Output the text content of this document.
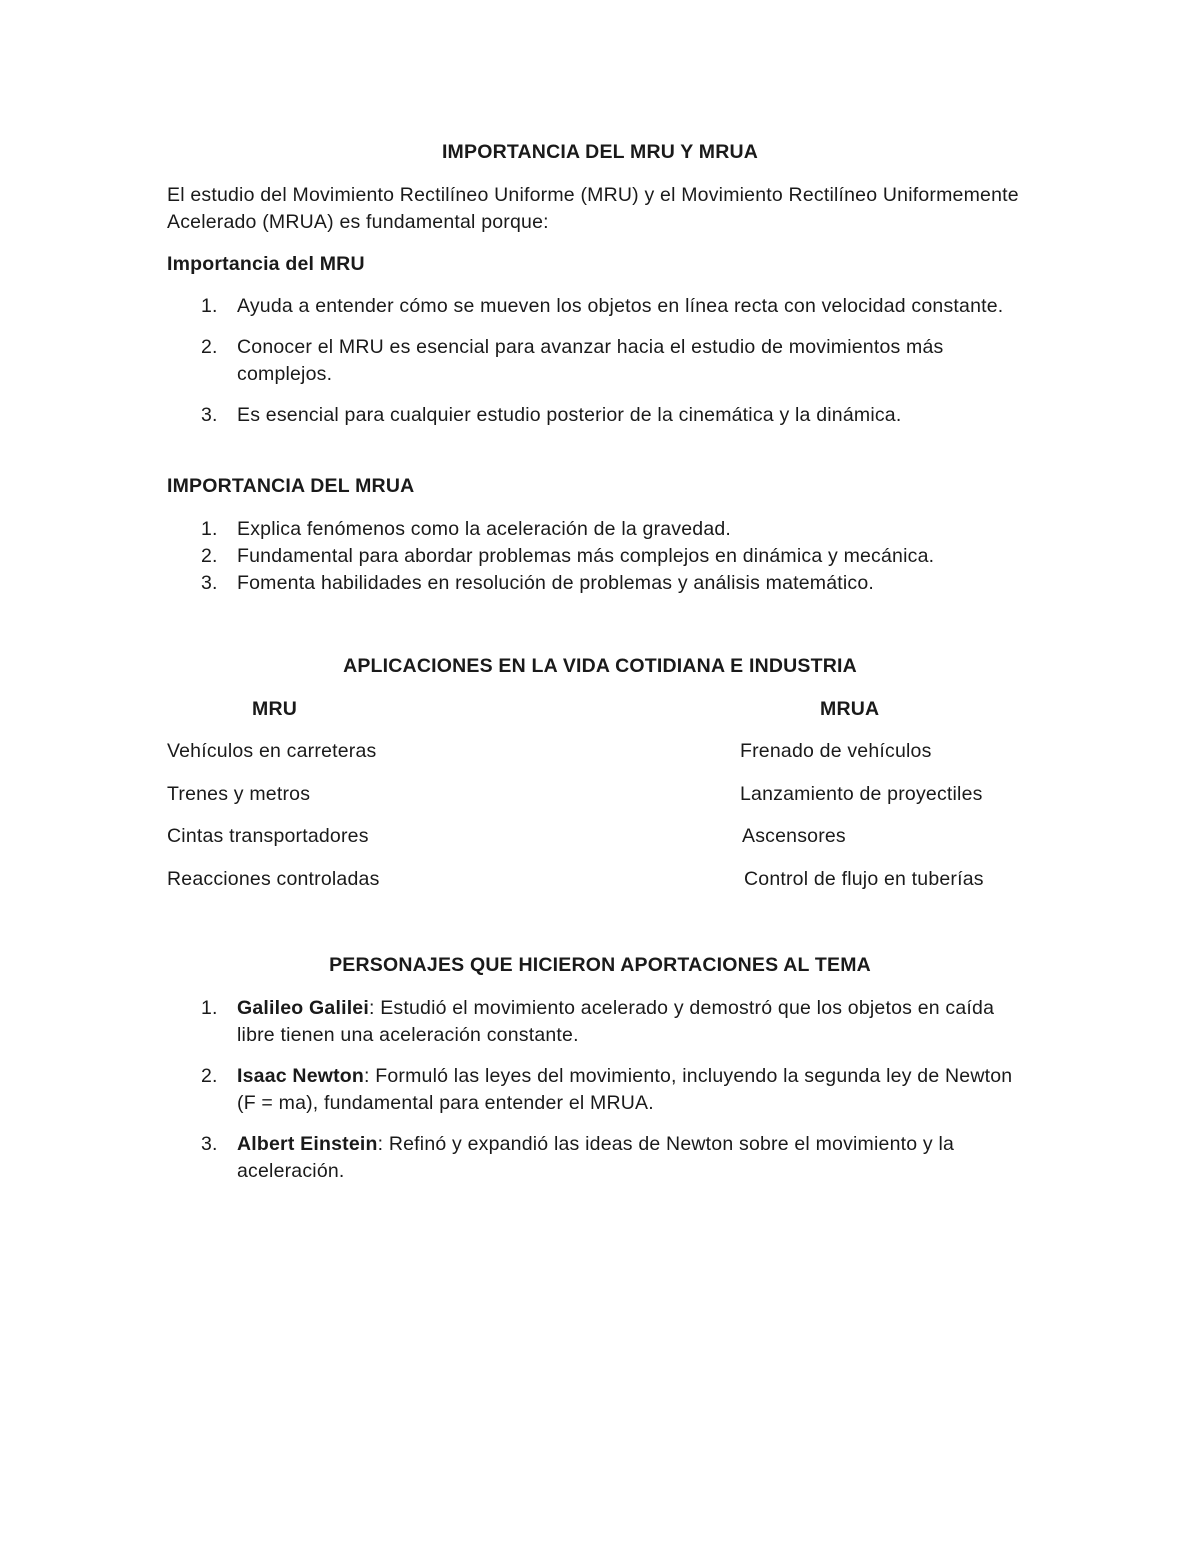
IMPORTANCIA DEL MRU Y MRUA

El estudio del Movimiento Rectilíneo Uniforme (MRU) y el Movimiento Rectilíneo Uniformemente Acelerado (MRUA) es fundamental porque:

Importancia del MRU

1. Ayuda a entender cómo se mueven los objetos en línea recta con velocidad constante.
2. Conocer el MRU es esencial para avanzar hacia el estudio de movimientos más complejos.
3. Es esencial para cualquier estudio posterior de la cinemática y la dinámica.

IMPORTANCIA DEL MRUA

1. Explica fenómenos como la aceleración de la gravedad.
2. Fundamental para abordar problemas más complejos en dinámica y mecánica.
3. Fomenta habilidades en resolución de problemas y análisis matemático.

APLICACIONES EN LA VIDA COTIDIANA E INDUSTRIA

MRU	MRUA
Vehículos en carreteras	Frenado de vehículos
Trenes y metros	Lanzamiento de proyectiles
Cintas transportadores	Ascensores
Reacciones controladas	Control de flujo en tuberías

PERSONAJES QUE HICIERON APORTACIONES AL TEMA

1. Galileo Galilei: Estudió el movimiento acelerado y demostró que los objetos en caída libre tienen una aceleración constante.
2. Isaac Newton: Formuló las leyes del movimiento, incluyendo la segunda ley de Newton (F = ma), fundamental para entender el MRUA.
3. Albert Einstein: Refinó y expandió las ideas de Newton sobre el movimiento y la aceleración.
